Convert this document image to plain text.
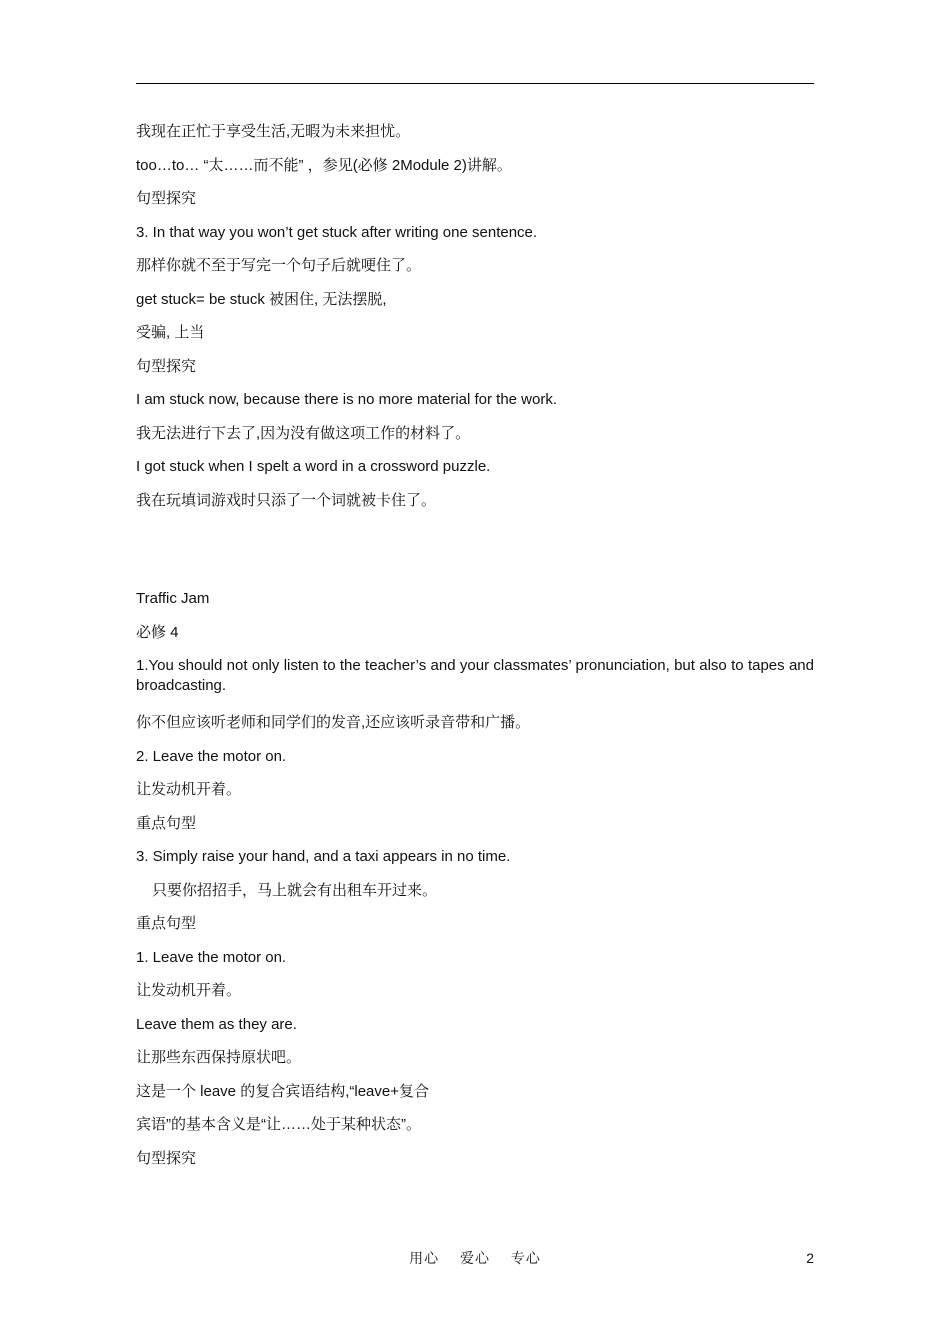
我现在正忙于享受生活,无暇为未来担忧。
too…to… “太……而不能” ，参见(必修 2Module 2)讲解。
句型探究
3. In that way you won’t get stuck after writing one sentence.
那样你就不至于写完一个句子后就哽住了。
get stuck= be stuck 被困住, 无法摆脱,
受骗, 上当
句型探究
I am stuck now, because there is no more material for the work.
我无法进行下去了,因为没有做这项工作的材料了。
I got stuck when I spelt a word in a crossword puzzle.
我在玩填词游戏时只添了一个词就被卡住了。
Traffic Jam
必修 4
1.You should not only listen to the teacher’s and your classmates’ pronunciation, but also to tapes and broadcasting.
你不但应该听老师和同学们的发音,还应该听录音带和广播。
2. Leave the motor on.
让发动机开着。
重点句型
3. Simply raise your hand, and a taxi appears in no time.
只要你招招手，马上就会有出租车开过来。
重点句型
1. Leave the motor on.
让发动机开着。
Leave them as they are.
让那些东西保持原状吧。
这是一个 leave 的复合宾语结构,“leave+复合
宾语”的基本含义是“让……处于某种状态”。
句型探究
用心 爱心 专心	2
